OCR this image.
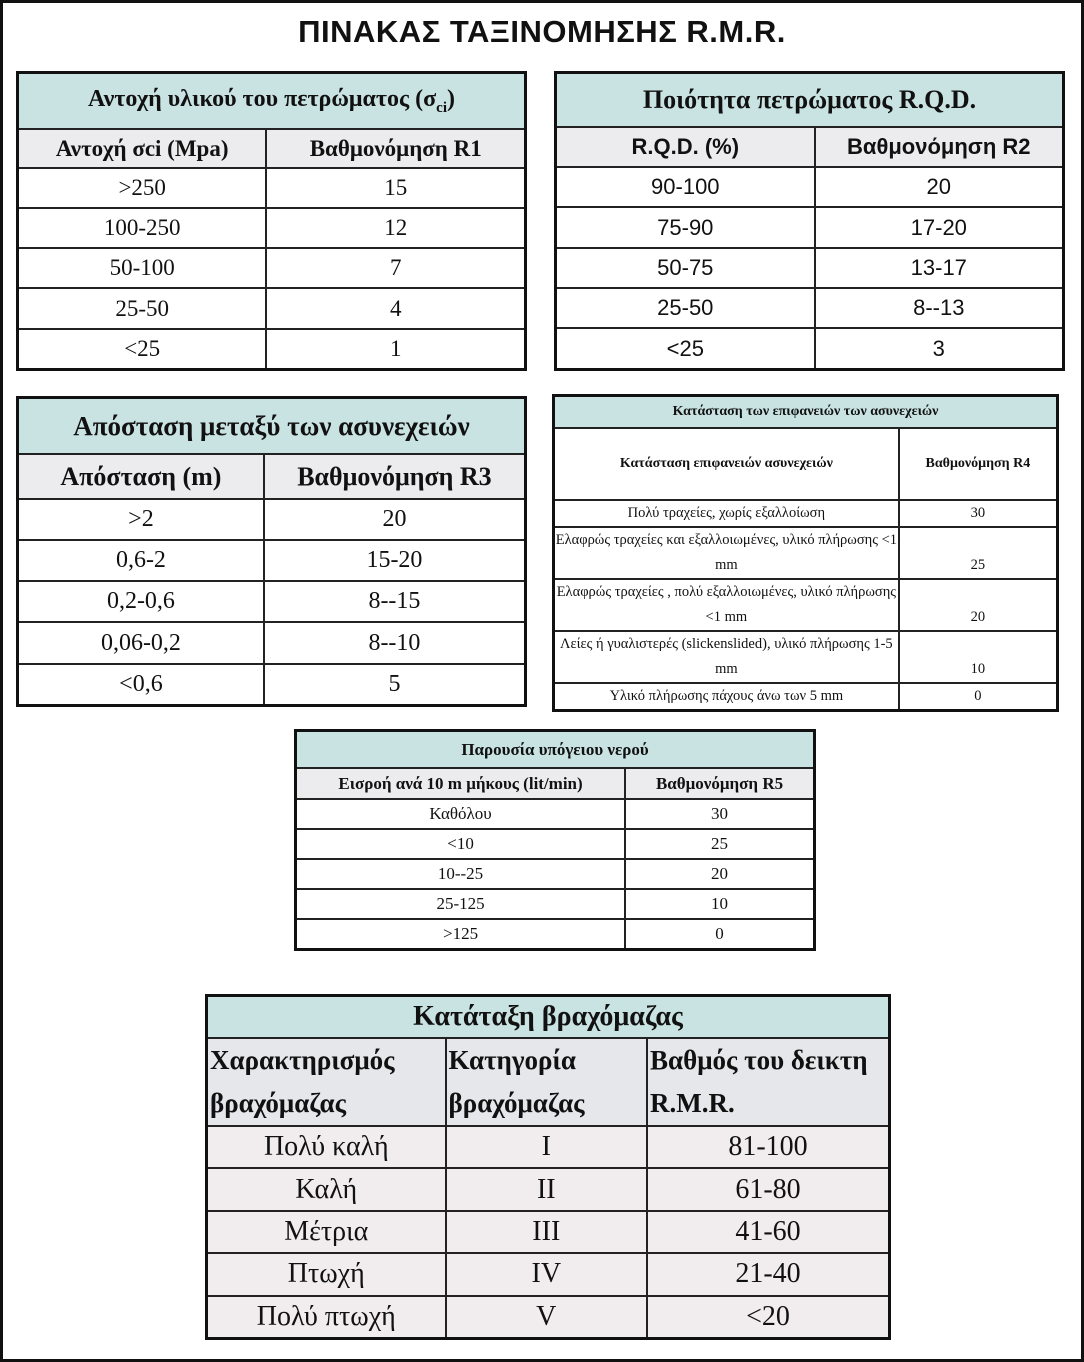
ΠΙΝΑΚΑΣ ΤΑΞΙΝΟΜΗΣΗΣ R.M.R.
Αντοχή υλικού του πετρώματος $(\sigma_{ci})$	
Αντοχή σci (Mpa)	Βαθμονόμηση R1
>250	15
100-250	12
50-100	7
25-50	4
<25	1
Ποιότητα πετρώματος R.Q.D.	
R.Q.D. (%)	Βαθμονόμηση R2
90-100	20
75-90	17-20
50-75	13-17
25-50	8--13
<25	3
Απόσταση μεταξύ των ασυνεχειών	
Απόσταση (m)	Βαθμονόμηση R3
>2	20
0,6-2	15-20
0,2-0,6	8--15
0,06-0,2	8--10
<0,6	5
Κατάσταση των επιφανειών των ασυνεχειών	
Κατάσταση επιφανειών ασυνεχειών	Βαθμονόμηση R4
Πολύ τραχείες, χωρίς εξαλλοίωση	30
Ελαφρώς τραχείες και εξαλλοιωμένες, υλικό πλήρωσης <1 mm	25
Ελαφρώς τραχείες , πολύ εξαλλοιωμένες, υλικό πλήρωσης <1 mm	20
Λείες ή γυαλιστερές (slickenslided), υλικό πλήρωσης 1-5 mm	10
Υλικό πλήρωσης πάχους άνω των 5 mm	0
Παρουσία υπόγειου νερού	
Εισροή ανά 10 m μήκους (lit/min)	Βαθμονόμηση R5
Καθόλου	30
<10	25
10--25	20
25-125	10
>125	0
Κατάταξη βραχόμαζας		
Χαρακτηρισμός βραχόμαζας	Κατηγορία βραχόμαζας	Βαθμός του δεικτη R.M.R.
Πολύ καλή	I	81-100
Καλή	II	61-80
Μέτρια	III	41-60
Πτωχή	IV	21-40
Πολύ πτωχή	V	<20
